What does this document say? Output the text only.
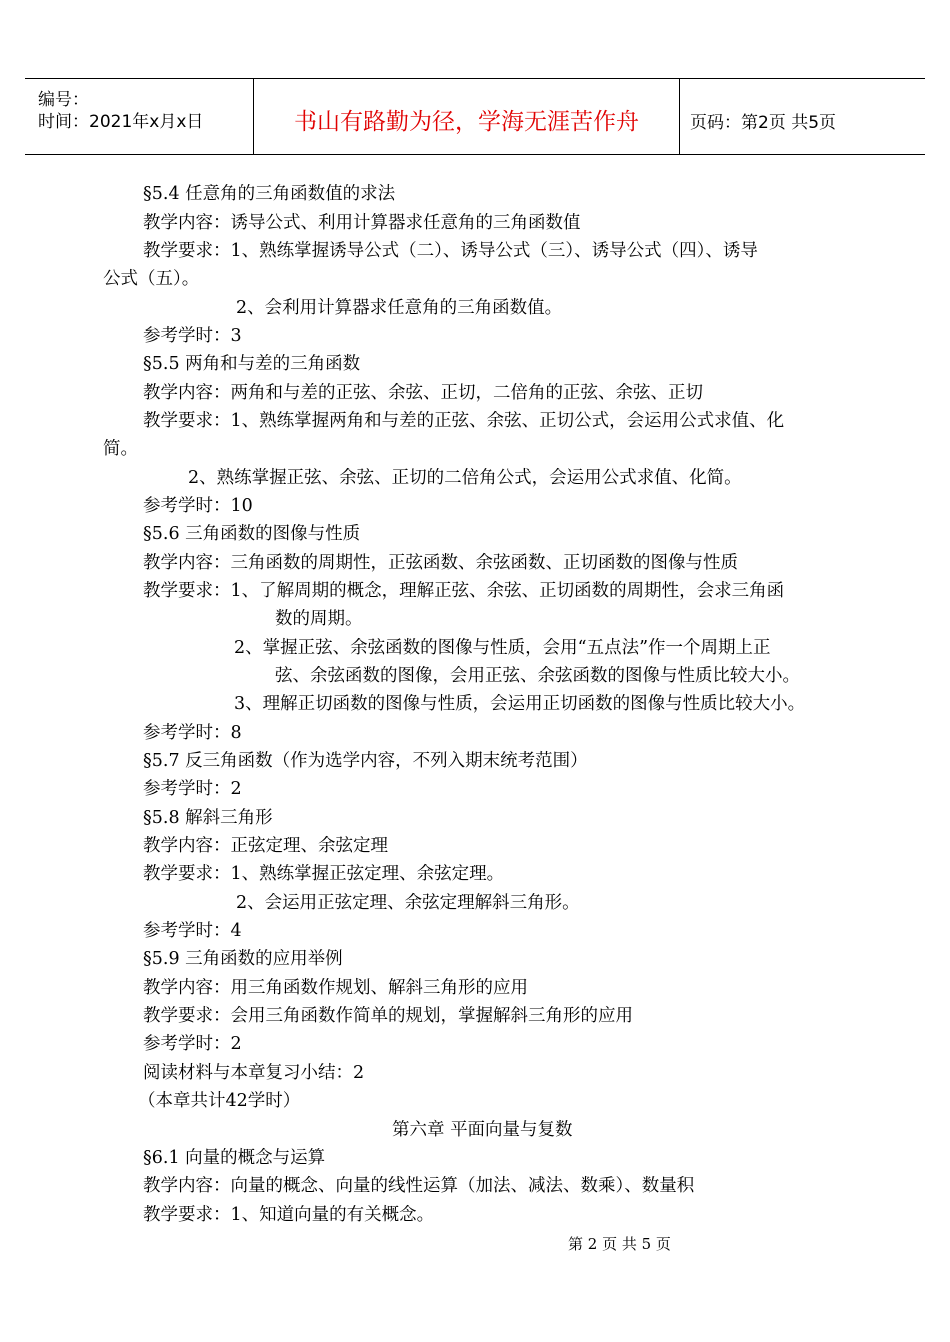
编号：
时间：2021年x月x日	书山有路勤为径，学海无涯苦作舟	页码：第2页 共5页
§5.4 任意角的三角函数值的求法
教学内容：诱导公式、利用计算器求任意角的三角函数值
教学要求：1、熟练掌握诱导公式（二）、诱导公式（三）、诱导公式（四）、诱导
公式（五）。
2、会利用计算器求任意角的三角函数值。
参考学时：3
§5.5 两角和与差的三角函数
教学内容：两角和与差的正弦、余弦、正切，二倍角的正弦、余弦、正切
教学要求：1、熟练掌握两角和与差的正弦、余弦、正切公式，会运用公式求值、化
简。
2、熟练掌握正弦、余弦、正切的二倍角公式，会运用公式求值、化简。
参考学时：10
§5.6 三角函数的图像与性质
教学内容：三角函数的周期性，正弦函数、余弦函数、正切函数的图像与性质
教学要求：1、了解周期的概念，理解正弦、余弦、正切函数的周期性，会求三角函
数的周期。
2、掌握正弦、余弦函数的图像与性质，会用“五点法”作一个周期上正
弦、余弦函数的图像，会用正弦、余弦函数的图像与性质比较大小。
3、理解正切函数的图像与性质，会运用正切函数的图像与性质比较大小。
参考学时：8
§5.7 反三角函数（作为选学内容，不列入期末统考范围）
参考学时：2
§5.8 解斜三角形
教学内容：正弦定理、余弦定理
教学要求：1、熟练掌握正弦定理、余弦定理。
2、会运用正弦定理、余弦定理解斜三角形。
参考学时：4
§5.9 三角函数的应用举例
教学内容：用三角函数作规划、解斜三角形的应用
教学要求：会用三角函数作简单的规划，掌握解斜三角形的应用
参考学时：2
阅读材料与本章复习小结：2
（本章共计42学时）
第六章 平面向量与复数
§6.1 向量的概念与运算
教学内容：向量的概念、向量的线性运算（加法、减法、数乘）、数量积
教学要求：1、知道向量的有关概念。
第 2 页 共 5 页
